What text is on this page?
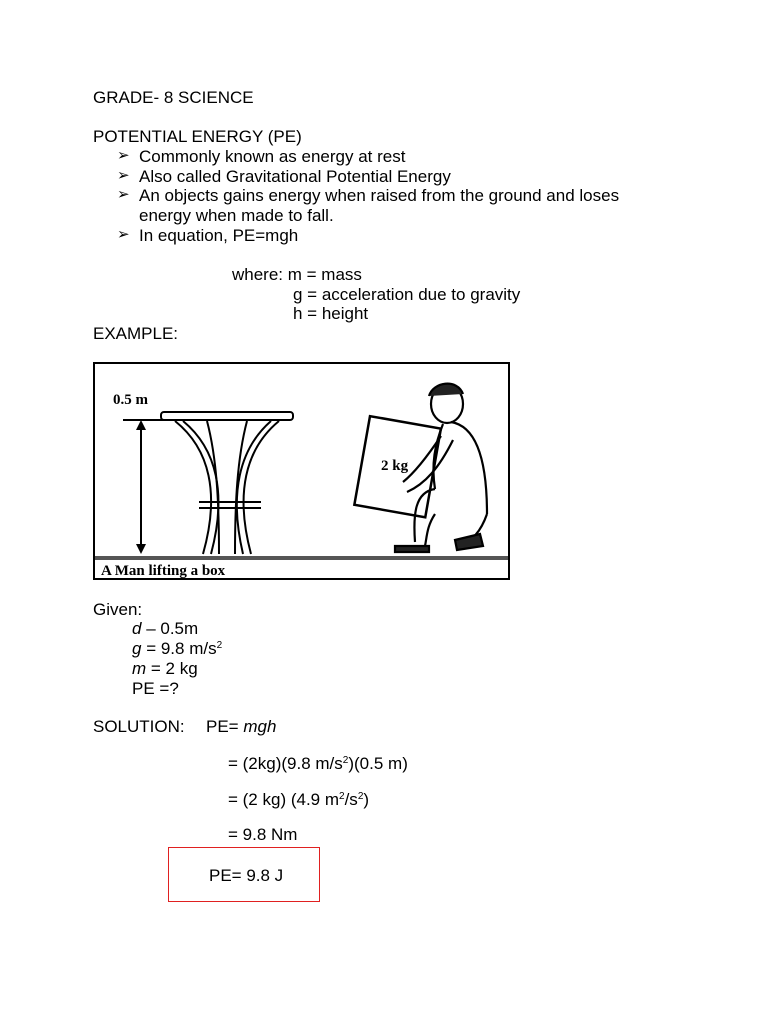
GRADE- 8 SCIENCE
POTENTIAL ENERGY (PE)
➢ Commonly known as energy at rest
➢ Also called Gravitational Potential Energy
➢ An objects gains energy when raised from the ground and loses
energy when made to fall.
➢ In equation, PE=mgh
where: m = mass
g = acceleration due to gravity
h = height
EXAMPLE:
0.5 m
2 kg
A Man lifting a box
Given:
d – 0.5m
g = 9.8 $m/s^2$
m = 2 kg
PE =?
SOLUTION: PE= mgh
= (2kg)(9.8 $m/s^2)(0.5$ m)
= (2 kg) (4.9 $m^2/s^2$)
= 9.8 Nm
PE= 9.8 J
